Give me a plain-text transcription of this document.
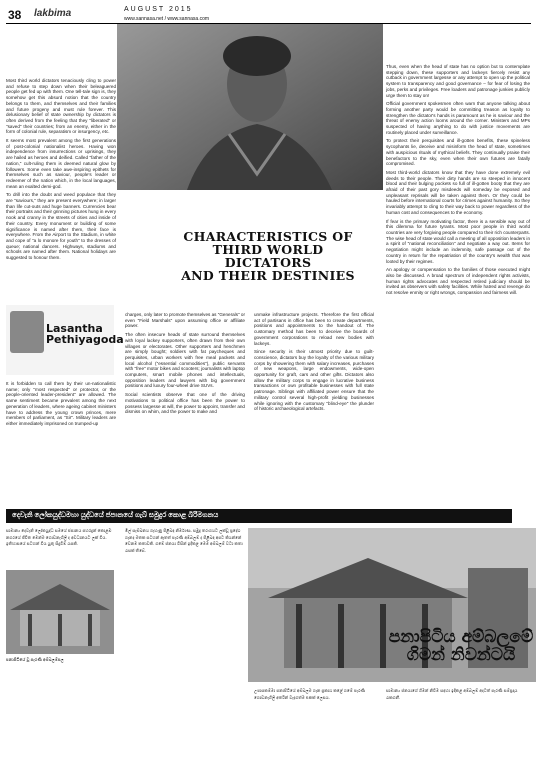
38 lakbima	AUGUST 2015
www.sannasa.net / www.sannasa.com
CHARACTERISTICS OF
THIRD WORLD DICTATORS
AND THEIR DESTINIES

Most third world dictators tenaciously cling to power and refuse to step down when their beleaguered people get fed up with them. One tell-tale sign is, they somehow get this absurd notion that the country belongs to them, and themselves and their families and future progeny and must rule forever. This delusionary belief of state ownership by dictators is often derived from the feeling that they "liberated" or "saved" their countries; from an enemy, either in the form of colonial rule, separatism or insurgency, etc.

It seems most prevalent among the first generations of post-colonial nationalist heroes. Having won independence from insurrections or uprisings, they are hailed as heroes and deified. Called "father of the nation," cult-ruling them is deemed natural glow by followers. Some even take awe-inspiring epithets for themselves such as saviour, people's leader or redeemer of the nation which, in the local languages, mean an exalted demi-god.

To drill into the doubt and weed populace that they are "saviours," they are present everywhere; in larger than life cut-outs and huge banners. Currencies bear their portraits and their grinning pictures hung in every nook and cranny in the streets of cities and inside of their country. Every monument or building of some significance is named after them, their face is everywhere. From the Airport to the Stadium, in white and cope of "a lo monore for youth" to the dresses of queue; national dancers. Highways, stadiums and schools are named after them. National holidays are suggested to honour them.

Lasantha
Pethiyagoda

It is forbidden to call them by their un-nationalistic name; only "most respected" or protector, or the people-oriented leader-president" are allowed. The same sentiment became prevalent among the next generation of leaders, where ageing cabinet ministers have to address the young crown princes, mere members of parliament, as "Sir". Military leaders are either immediately imprisoned on trumped-up

charges, only later to promote themselves as "Generals" or even "Field Marshals" upon assuming office or affiliate power.

The often insecure heads of state surround themselves with loyal lackey supporters, often drawn from their own villages or electorates. Other supporters and henchmen are simply bought; soldiers with fat paycheques and perquisites, urban workers with free meal packets and local alcohol ("essential commodities"), public servants with "free" motor bikes and scooters; journalists with laptop computers, smart mobile phones and intellectuals, opposition leaders and lawyers with big government positions and luxury four-wheel drive SUVs.

Social scientists observe that one of the driving motivations to political office has been the power to possess largesse at will, the power to appoint, transfer and dismiss on whim, and the power to make and

unmake infrastructure projects. Therefore the first official act of partisans in office has been to create departments, positions and appointments to the handout of. The customary method has been to deceive the boards of government corporations to reload new bodies with lackeys.

Since security is their utmost priority due to guilt-conscience, dictators buy the loyalty of the various military corps by showering them with salary increases, purchases of new weapons, large endowments, wide-open opportunity for graft, cars and other gifts. Dictators also allow the military corps to engage in lucrative business transactions or own profitable businesses with full state patronage. Siblings with affiliated power ensure that the military control several high-profit yielding businesses while ignoring with the customary "blind-eye" the plunder of historic archaeological artefacts.

Thus, even when the head of state has no option but to contemplate stepping down, these supporters and lackeys fiercely resist any cutback in government largesse or any attempt to open up the political system to transparency and good governance – for fear of losing the jobs, perks and privileges. Free loaders and patronage junkies publicly urge them to stay on!

Official government spokesmen often warn that anyone talking about forming another party would be committing treason as loyalty to strengthen the dictator's hands is paramount as he is saviour and the threat of enemy action looms around the corner. Ministers and MPs suspected of having anything to do with justice movements are routinely placed under surveillance.

To protect their perquisites and ill-gotten benefits, these spineless sycophants lie, deceive and misinform the head of state, sometimes with auspicious rituals of mythical beliefs. They continually praise their benefactors to the sky, even when their own futures are fatally compromised.

Most third-world dictators know that they have done extremely evil deeds to their people. Their dirty hands are so steeped in innocent blood and their bulging pockets so full of ill-gotten booty that they are afraid of their past gory misdeeds will someday be exposed and unpleasant reprisals will be taken against them. Or they could be hauled before international courts for crimes against humanity. So they invariably attempt to cling to their way back to power regardless of the human cost and consequences to the economy.

If fear is the primary motivating factor, there is a sensible way out of this dilemma for future tyrants. Most poor people in third world countries are very forgiving people compared to their rich counterparts. The wise head of state would call a meeting of all opposition leaders in a spirit of "national reconciliation" and negotiate a way out. Items for negotiation might include an indemnity, safe passage out of the country in return for the repatriation of the country's wealth that was looted by their regimes.

An apology or compensation to the families of those executed might also be discussed. A broad spectrum of independent rights activists, human rights advocates and respected retired judiciary should be invited as observers with safety facilities. While hatred and revenge do not resolve enmity or right wrongs, compassion and fairness will.

දෙවැනි ලෝකයුද්ධමහා යුද්ධයේ ජපානයේ ගැබ් සමුදුර කොළ බිරිමගනය
සාමාන්‍ය දෙවැනි ලෝකයුද්ධ සමයේ ජපානය පහරදුන් කොළඹ නගරයේ ජීවිත මෙන්ම ගොඩනැගිලි ද අවධානයට ලක් විය. ඉතිහාසයේ සටහන් විය යුතු සිදුවීම් රැසකි.
පනාපිටියේ වූ පැරණි අම්බලම්පල
මිල් සැම්බනය ගැහැනු පිළිබඳ නිර්මාණ. සමුද්‍ර තරංගයට ලක්වූ ප්‍රදේශ ගැනද මතක සටහන් ඇතත් පැරණි අම්බලම් ද පිළිබඳ අපට කියන්නේ වෙනම කතාවකි. ගමේ ජනයා විසින් ඉදිකළ මෙම අම්බලම් වටා කතා රැසක් තිබේ.
පනාපිටිය අම්බලමේ
ගිමන් නිවන්ටයි
උපාසකම්මා පනාපිටියේ අම්බලම ගැන ප්‍රකාශ කළේ ගමේ පැරණි ගොඩනැගිලි අතරින් වැදගත්ම එකක් ලෙසය.
සාමාන්‍ය ජනයාගේ ගිමන් නිවීම සඳහා ඉදිකළ අම්බලම් අදටත් පැරණි සම්ප්‍රදාය රැකගනී.
